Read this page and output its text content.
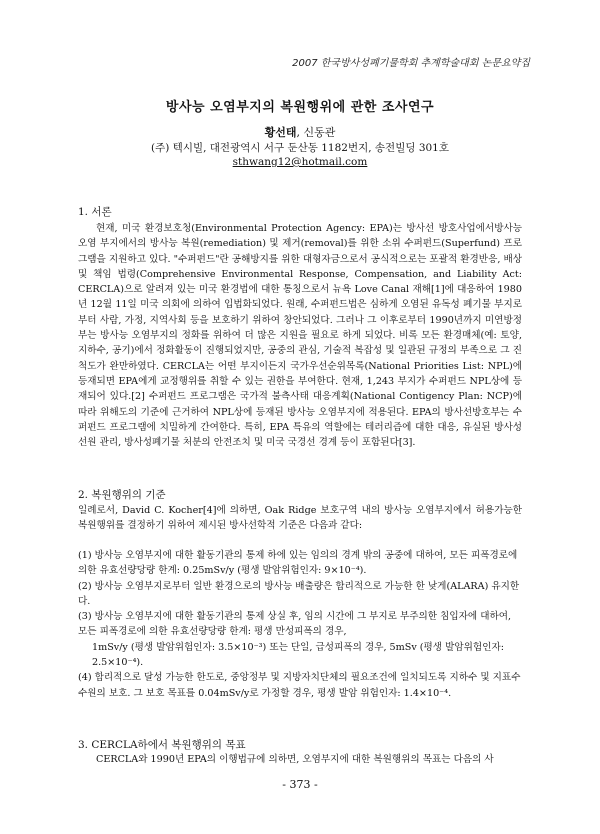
2007 한국방사성폐기물학회 추계학술대회 논문요약집
방사능 오염부지의 복원행위에 관한 조사연구
황선태, 신동관
(주) 텍시빌, 대전광역시 서구 둔산동 1182번지, 송전빌딩 301호
sthwang12@hotmail.com
1. 서론
현재, 미국 환경보호청(Environmental Protection Agency: EPA)는 방사선 방호사업에서방사능 오염 부지에서의 방사능 복원(remediation) 및 제거(removal)를 위한 소위 수퍼펀드(Superfund) 프로그램을 지원하고 있다. "수퍼펀드"란 공해방지를 위한 대형자금으로서 공식적으로는 포괄적 환경반응, 배상 및 책임 법령(Comprehensive Environmental Response, Compensation, and Liability Act: CERCLA)으로 알려져 있는 미국 환경법에 대한 통칭으로서 뉴욕 Love Canal 재해[1]에 대응하여 1980년 12월 11일 미국 의회에 의하여 입법화되었다. 원래, 수퍼펀드법은 심하게 오염된 유독성 폐기물 부지로부터 사람, 가정, 지역사회 등을 보호하기 위하여 창안되었다. 그러나 그 이후로부터 1990년까지 미연방정부는 방사능 오염부지의 정화를 위하여 더 많은 지원을 필요로 하게 되었다. 비록 모든 환경매체(예: 토양, 지하수, 공기)에서 정화활동이 진행되었지만, 공중의 관심, 기술적 복잡성 및 일관된 규정의 부족으로 그 진척도가 완만하였다. CERCLA는 어떤 부지이든지 국가우선순위목록(National Priorities List: NPL)에 등재되면 EPA에게 교정행위를 취할 수 있는 권한을 부여한다. 현재, 1,243 부지가 수퍼펀드 NPL상에 등재되어 있다.[2] 수퍼펀드 프로그램은 국가적 불측사태 대응계획(National Contigency Plan: NCP)에 따라 위해도의 기준에 근거하여 NPL상에 등재된 방사능 오염부지에 적용된다. EPA의 방사선방호부는 수퍼펀드 프로그램에 치밀하게 간여한다. 특히, EPA 특유의 역할에는 테러리즘에 대한 대응, 유실된 방사성선원 관리, 방사성폐기물 처분의 안전조치 및 미국 국경선 경계 등이 포함된다[3].
2. 복원행위의 기준
일례로서, David C. Kocher[4]에 의하면, Oak Ridge 보호구역 내의 방사능 오염부지에서 허용가능한 복원행위를 결정하기 위하여 제시된 방사선학적 기준은 다음과 같다:

(1) 방사능 오염부지에 대한 활동기관의 통제 하에 있는 임의의 경계 밖의 공중에 대하여, 모든 피폭경로에 의한 유효선량당량 한계: 0.25mSv/y (평생 발암위험인자: 9×10⁻⁴).

(2) 방사능 오염부지로부터 일반 환경으로의 방사능 배출량은 합리적으로 가능한 한 낮게(ALARA) 유지한다.

(3) 방사능 오염부지에 대한 활동기관의 통제 상실 후, 임의 시간에 그 부지로 부주의한 침입자에 대하여, 모든 피폭경로에 의한 유효선량당량 한계: 평생 만성피폭의 경우,

1mSv/y (평생 발암위험인자: 3.5×10⁻³) 또는 단일, 급성피폭의 경우, 5mSv (평생 발암위험인자: 2.5×10⁻⁴).

(4) 합리적으로 달성 가능한 한도로, 중앙정부 및 지방자치단체의 필요조건에 일치되도록 지하수 및 지표수 수원의 보호. 그 보호 목표를 0.04mSv/y로 가정할 경우, 평생 발암 위험인자: 1.4×10⁻⁴.

3. CERCLA하에서 복원행위의 목표
CERCLA와 1990년 EPA의 이행법규에 의하면, 오염부지에 대한 복원행위의 목표는 다음의 사
- 373 -
